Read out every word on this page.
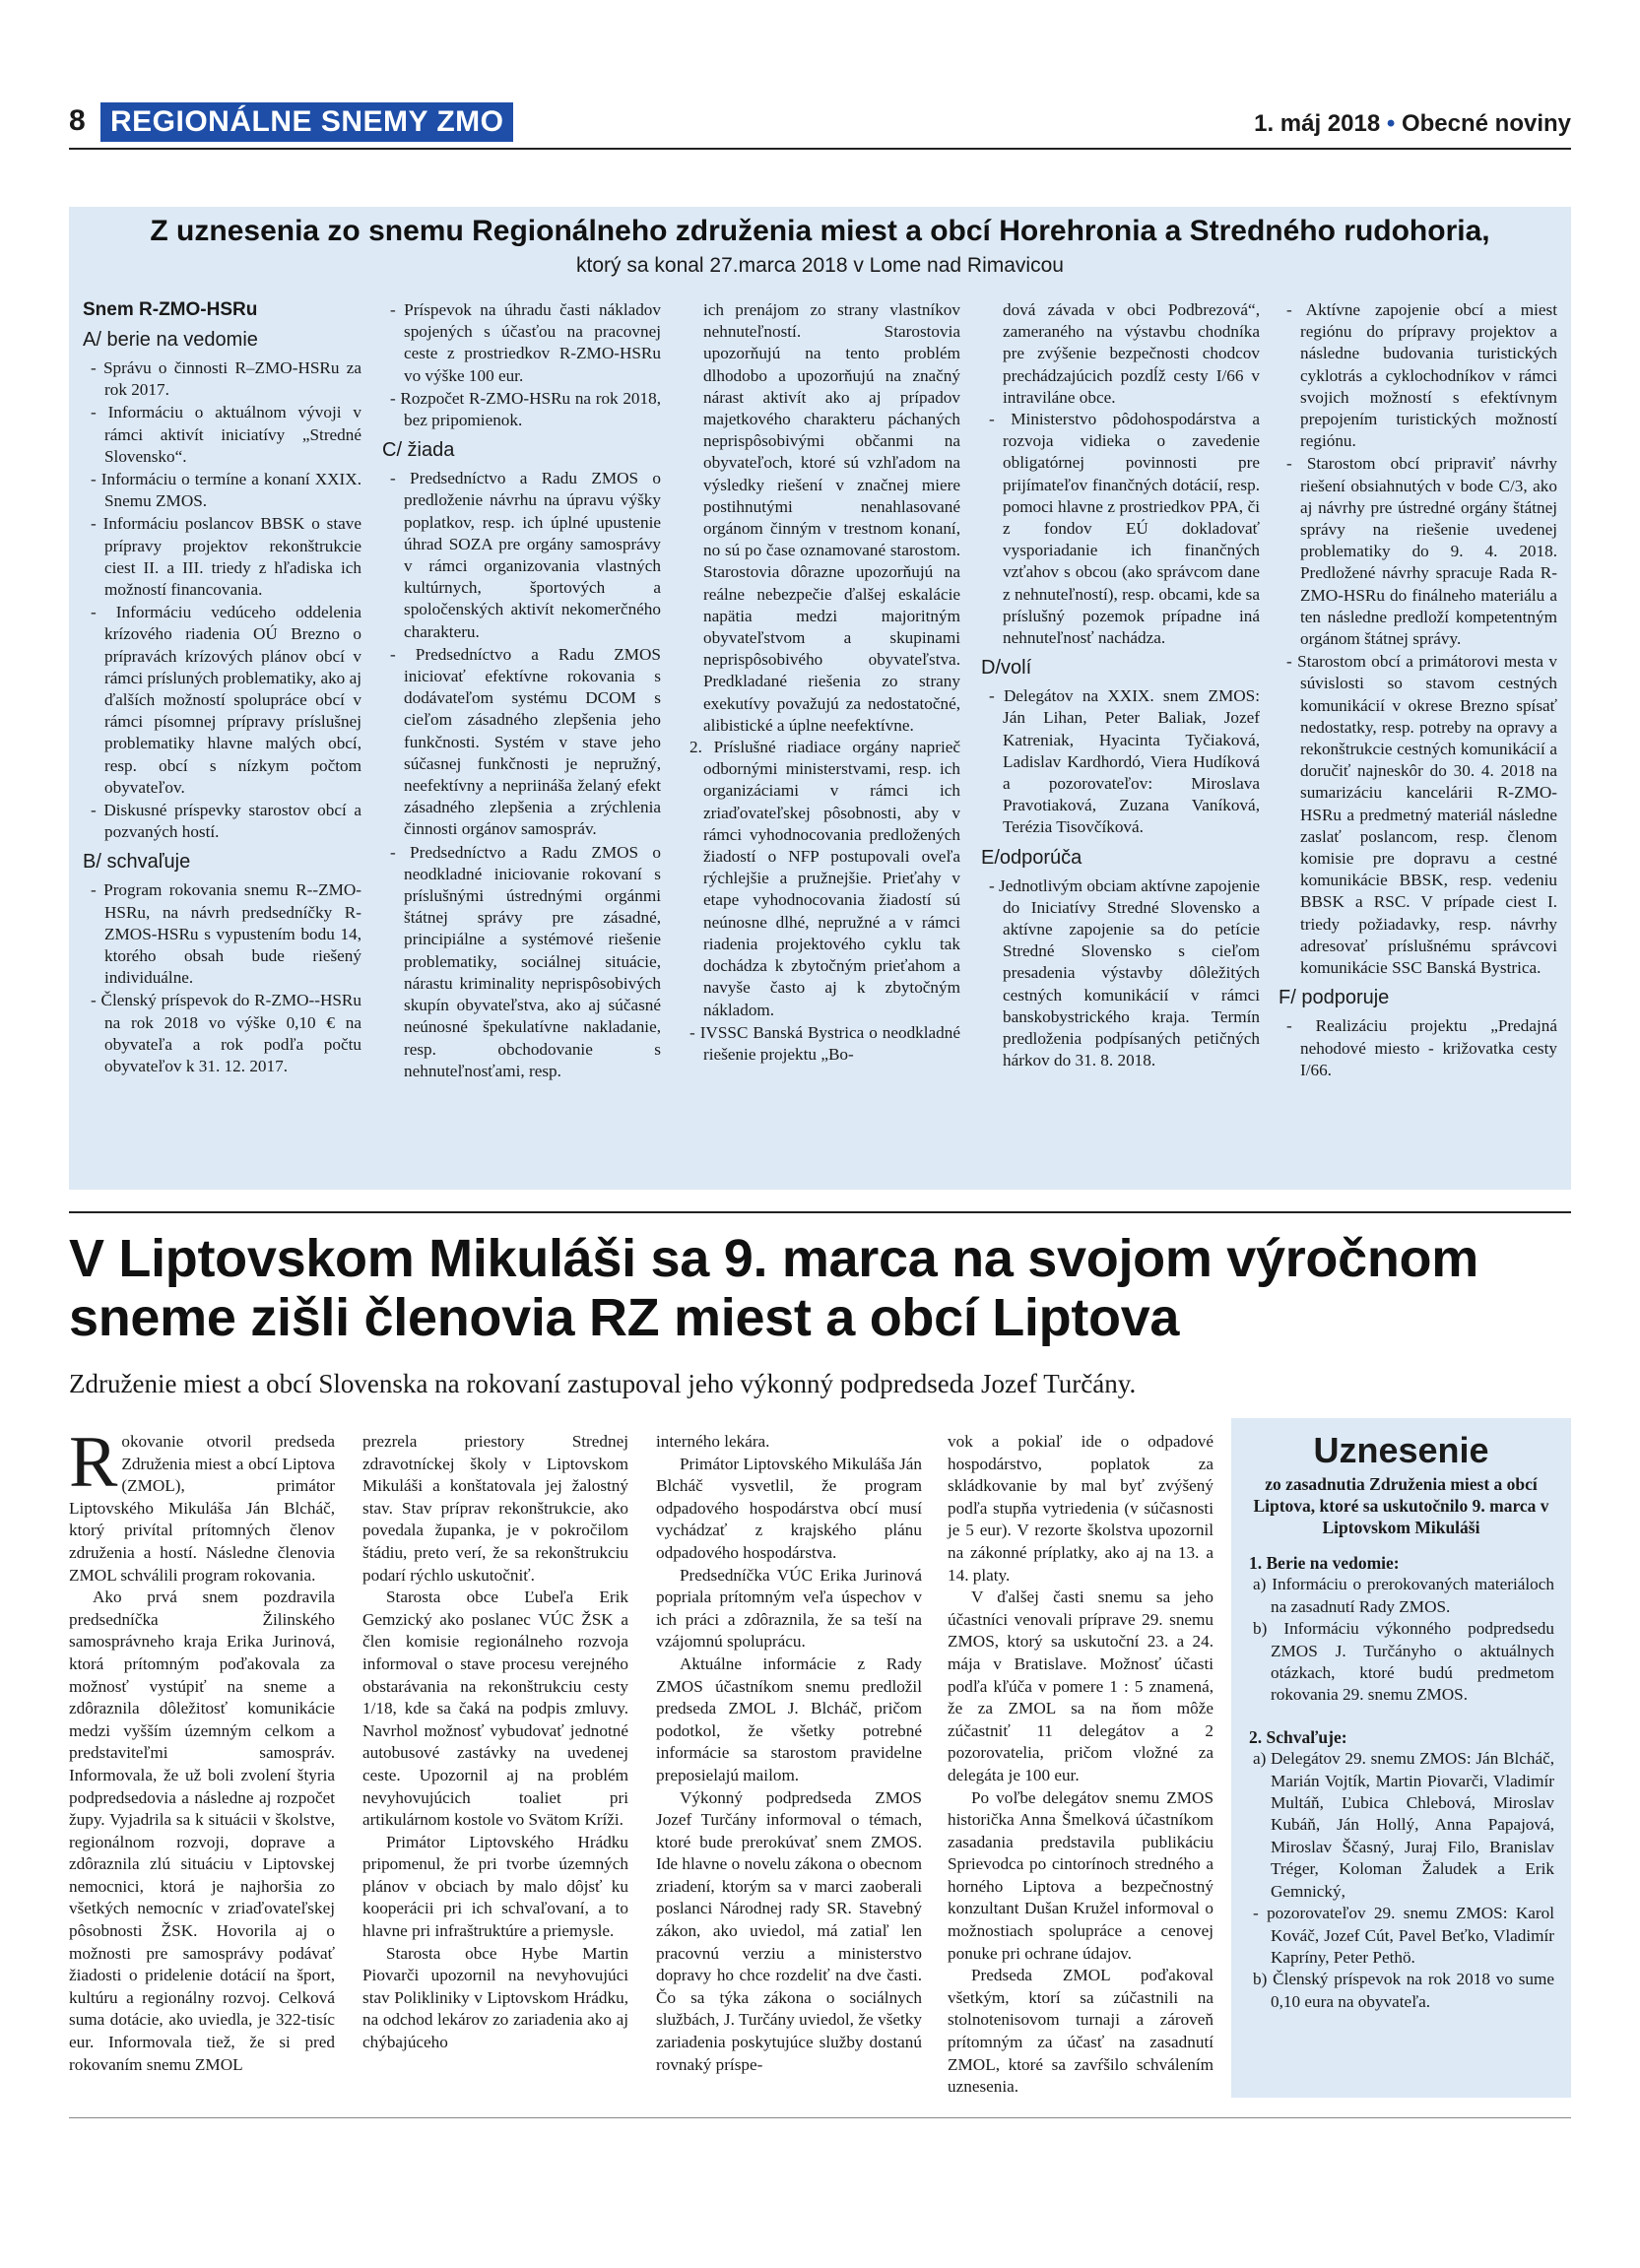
8 REGIONÁLNE SNEMY ZMO	1. máj 2018 • Obecné noviny
Z uznesenia zo snemu Regionálneho združenia miest a obcí Horehronia a Stredného rudohoria,
ktorý sa konal 27.marca 2018 v Lome nad Rimavicou
Snem R-ZMO-HSRu
A/ berie na vedomie

- Správu o činnosti R–ZMO-HSRu za rok 2017.

- Informáciu o aktuálnom vývoji v rámci aktivít iniciatívy „Stredné Slovensko“.

- Informáciu o termíne a konaní XXIX. Snemu ZMOS.

- Informáciu poslancov BBSK o stave prípravy projektov rekonštrukcie ciest II. a III. triedy z hľadiska ich možností financovania.

- Informáciu vedúceho oddelenia krízového riadenia OÚ Brezno o prípravách krízových plánov obcí v rámci prísluných problematiky, ako aj ďalších možností spolupráce obcí v rámci písomnej prípravy príslušnej problematiky hlavne malých obcí, resp. obcí s nízkym počtom obyvateľov.

- Diskusné príspevky starostov obcí a pozvaných hostí.

B/ schvaľuje

- Program rokovania snemu R--ZMO-HSRu, na návrh predsedníčky R-ZMOS-HSRu s vypustením bodu 14, ktorého obsah bude riešený individuálne.

- Členský príspevok do R-ZMO--HSRu na rok 2018 vo výške 0,10 € na obyvateľa a rok podľa počtu obyvateľov k 31. 12. 2017.

- Príspevok na úhradu časti nákladov spojených s účasťou na pracovnej ceste z prostriedkov R-ZMO-HSRu vo výške 100 eur.

- Rozpočet R-ZMO-HSRu na rok 2018, bez pripomienok.

C/ žiada

- Predsedníctvo a Radu ZMOS o predloženie návrhu na úpravu výšky poplatkov, resp. ich úplné upustenie úhrad SOZA pre orgány samosprávy v rámci organizovania vlastných kultúrnych, športových a spoločenských aktivít nekomerčného charakteru.

- Predsedníctvo a Radu ZMOS iniciovať efektívne rokovania s dodávateľom systému DCOM s cieľom zásadného zlepšenia jeho funkčnosti. Systém v stave jeho súčasnej funkčnosti je nepružný, neefektívny a nepriináša želaný efekt zásadného zlepšenia a zrýchlenia činnosti orgánov samospráv.

- Predsedníctvo a Radu ZMOS o neodkladné iniciovanie rokovaní s príslušnými ústrednými orgánmi štátnej správy pre zásadné, principiálne a systémové riešenie problematiky, sociálnej situácie, nárastu kriminality neprispôsobivých skupín obyvateľstva, ako aj súčasné neúnosné špekulatívne nakladanie, resp. obchodovanie s nehnuteľnosťami, resp.

ich prenájom zo strany vlastníkov nehnuteľností. Starostovia upozorňujú na tento problém dlhodobo a upozorňujú na značný nárast aktivít ako aj prípadov majetkového charakteru páchaných neprispôsobivými občanmi na obyvateľoch, ktoré sú vzhľadom na výsledky riešení v značnej miere postihnutými nenahlasované orgánom činným v trestnom konaní, no sú po čase oznamované starostom. Starostovia dôrazne upozorňujú na reálne nebezpečie ďalšej eskalácie napätia medzi majoritným obyvateľstvom a skupinami neprispôsobivého obyvateľstva. Predkladané riešenia zo strany exekutívy považujú za nedostatočné, alibistické a úplne neefektívne.

2. Príslušné riadiace orgány naprieč odbornými ministerstvami, resp. ich organizáciami v rámci ich zriaďovateľskej pôsobnosti, aby v rámci vyhodnocovania predložených žiadostí o NFP postupovali oveľa rýchlejšie a pružnejšie. Prieťahy v etape vyhodnocovania žiadostí sú neúnosne dlhé, nepružné a v rámci riadenia projektového cyklu tak dochádza k zbytočným prieťahom a navyše často aj k zbytočným nákladom.

- IVSSC Banská Bystrica o neodkladné riešenie projektu „Bo-

dová závada v obci Podbrezová“, zameraného na výstavbu chodníka pre zvýšenie bezpečnosti chodcov prechádzajúcich pozdĺž cesty I/66 v intraviláne obce.

- Ministerstvo pôdohospodárstva a rozvoja vidieka o zavedenie obligatórnej povinnosti pre prijímateľov finančných dotácií, resp. pomoci hlavne z prostriedkov PPA, či z fondov EÚ dokladovať vysporiadanie ich finančných vzťahov s obcou (ako správcom dane z nehnuteľností), resp. obcami, kde sa príslušný pozemok prípadne iná nehnuteľnosť nachádza.

D/volí

- Delegátov na XXIX. snem ZMOS: Ján Lihan, Peter Baliak, Jozef Katreniak, Hyacinta Tyčiaková, Ladislav Kardhordó, Viera Hudíková a pozorovateľov: Miroslava Pravotiaková, Zuzana Vaníková, Terézia Tisovčíková.

E/odporúča

- Jednotlivým obciam aktívne zapojenie do Iniciatívy Stredné Slovensko a aktívne zapojenie sa do petície Stredné Slovensko s cieľom presadenia výstavby dôležitých cestných komunikácií v rámci banskobystrického kraja. Termín predloženia podpísaných petičných hárkov do 31. 8. 2018.

- Aktívne zapojenie obcí a miest regiónu do prípravy projektov a následne budovania turistických cyklotrás a cyklochodníkov v rámci svojich možností s efektívnym prepojením turistických možností regiónu.

- Starostom obcí pripraviť návrhy riešení obsiahnutých v bode C/3, ako aj návrhy pre ústredné orgány štátnej správy na riešenie uvedenej problematiky do 9. 4. 2018. Predložené návrhy spracuje Rada R-ZMO-HSRu do finálneho materiálu a ten následne predloží kompetentným orgánom štátnej správy.

- Starostom obcí a primátorovi mesta v súvislosti so stavom cestných komunikácií v okrese Brezno spísať nedostatky, resp. potreby na opravy a rekonštrukcie cestných komunikácií a doručiť najneskôr do 30. 4. 2018 na sumarizáciu kancelárii R-ZMO-HSRu a predmetný materiál následne zaslať poslancom, resp. členom komisie pre dopravu a cestné komunikácie BBSK, resp. vedeniu BBSK a RSC. V prípade ciest I. triedy požiadavky, resp. návrhy adresovať príslušnému správcovi komunikácie SSC Banská Bystrica.

F/ podporuje

- Realizáciu projektu „Predajná nehodové miesto - križovatka cesty I/66.

V Liptovskom Mikuláši sa 9. marca na svojom výročnom
sneme zišli členovia RZ miest a obcí Liptova
Združenie miest a obcí Slovenska na rokovaní zastupoval jeho výkonný podpredseda Jozef Turčány.

Rokovanie otvoril predseda Združenia miest a obcí Liptova (ZMOL), primátor Liptovského Mikuláša Ján Blcháč, ktorý privítal prítomných členov združenia a hostí. Následne členovia ZMOL schválili program rokovania.

Ako prvá snem pozdravila predsedníčka Žilinského samosprávneho kraja Erika Jurinová, ktorá prítomným poďakovala za možnosť vystúpiť na sneme a zdôraznila dôležitosť komunikácie medzi vyšším územným celkom a predstaviteľmi samospráv. Informovala, že už boli zvolení štyria podpredsedovia a následne aj rozpočet župy. Vyjadrila sa k situácii v školstve, regionálnom rozvoji, doprave a zdôraznila zlú situáciu v Liptovskej nemocnici, ktorá je najhoršia zo všetkých nemocníc v zriaďovateľskej pôsobnosti ŽSK. Hovorila aj o možnosti pre samosprávy podávať žiadosti o pridelenie dotácií na šport, kultúru a regionálny rozvoj. Celková suma dotácie, ako uviedla, je 322-tisíc eur. Informovala tiež, že si pred rokovaním snemu ZMOL

prezrela priestory Strednej zdravotníckej školy v Liptovskom Mikuláši a konštatovala jej žalostný stav. Stav príprav rekonštrukcie, ako povedala županka, je v pokročilom štádiu, preto verí, že sa rekonštrukciu podarí rýchlo uskutočniť.

Starosta obce Ľubeľa Erik Gemzický ako poslanec VÚC ŽSK a člen komisie regionálneho rozvoja informoval o stave procesu verejného obstarávania na rekonštrukciu cesty 1/18, kde sa čaká na podpis zmluvy. Navrhol možnosť vybudovať jednotné autobusové zastávky na uvedenej ceste. Upozornil aj na problém nevyhovujúcich toaliet pri artikulárnom kostole vo Svätom Kríži.

Primátor Liptovského Hrádku pripomenul, že pri tvorbe územných plánov v obciach by malo dôjsť ku kooperácii pri ich schvaľovaní, a to hlavne pri infraštruktúre a priemysle.

Starosta obce Hybe Martin Piovarči upozornil na nevyhovujúci stav Polikliniky v Liptovskom Hrádku, na odchod lekárov zo zariadenia ako aj chýbajúceho

interného lekára.

Primátor Liptovského Mikuláša Ján Blcháč vysvetlil, že program odpadového hospodárstva obcí musí vychádzať z krajského plánu odpadového hospodárstva.

Predsedníčka VÚC Erika Jurinová popriala prítomným veľa úspechov v ich práci a zdôraznila, že sa teší na vzájomnú spoluprácu.

Aktuálne informácie z Rady ZMOS účastníkom snemu predložil predseda ZMOL J. Blcháč, pričom podotkol, že všetky potrebné informácie sa starostom pravidelne preposielajú mailom.

Výkonný podpredseda ZMOS Jozef Turčány informoval o témach, ktoré bude prerokúvať snem ZMOS. Ide hlavne o novelu zákona o obecnom zriadení, ktorým sa v marci zaoberali poslanci Národnej rady SR. Stavebný zákon, ako uviedol, má zatiaľ len pracovnú verziu a ministerstvo dopravy ho chce rozdeliť na dve časti. Čo sa týka zákona o sociálnych službách, J. Turčány uviedol, že všetky zariadenia poskytujúce služby dostanú rovnaký príspe-

vok a pokiaľ ide o odpadové hospodárstvo, poplatok za skládkovanie by mal byť zvýšený podľa stupňa vytriedenia (v súčasnosti je 5 eur). V rezorte školstva upozornil na zákonné príplatky, ako aj na 13. a 14. platy.

V ďalšej časti snemu sa jeho účastníci venovali príprave 29. snemu ZMOS, ktorý sa uskutoční 23. a 24. mája v Bratislave. Možnosť účasti podľa kľúča v pomere 1 : 5 znamená, že za ZMOL sa na ňom môže zúčastniť 11 delegátov a 2 pozorovatelia, pričom vložné za delegáta je 100 eur.

Po voľbe delegátov snemu ZMOS historička Anna Šmelková účastníkom zasadania predstavila publikáciu Sprievodca po cintorínoch stredného a horného Liptova a bezpečnostný konzultant Dušan Kružel informoval o možnostiach spolupráce a cenovej ponuke pri ochrane údajov.

Predseda ZMOL poďakoval všetkým, ktorí sa zúčastnili na stolnotenisovom turnaji a zároveň prítomným za účasť na zasadnutí ZMOL, ktoré sa zavŕšilo schválením uznesenia.

Uznesenie
zo zasadnutia Združenia miest a obcí Liptova, ktoré sa uskutočnilo 9. marca v Liptovskom Mikuláši
1. Berie na vedomie:

a) Informáciu o prerokovaných materiáloch na zasadnutí Rady ZMOS.

b) Informáciu výkonného podpredsedu ZMOS J. Turčányho o aktuálnych otázkach, ktoré budú predmetom rokovania 29. snemu ZMOS.

2. Schvaľuje:

a) Delegátov 29. snemu ZMOS: Ján Blcháč, Marián Vojtík, Martin Piovarči, Vladimír Multáň, Ľubica Chlebová, Miroslav Kubáň, Ján Hollý, Anna Papajová, Miroslav Ščasný, Juraj Filo, Branislav Tréger, Koloman Žaludek a Erik Gemnický,

- pozorovateľov 29. snemu ZMOS: Karol Kováč, Jozef Cút, Pavel Beťko, Vladimír Kapríny, Peter Pethö.

b) Členský príspevok na rok 2018 vo sume 0,10 eura na obyvateľa.
